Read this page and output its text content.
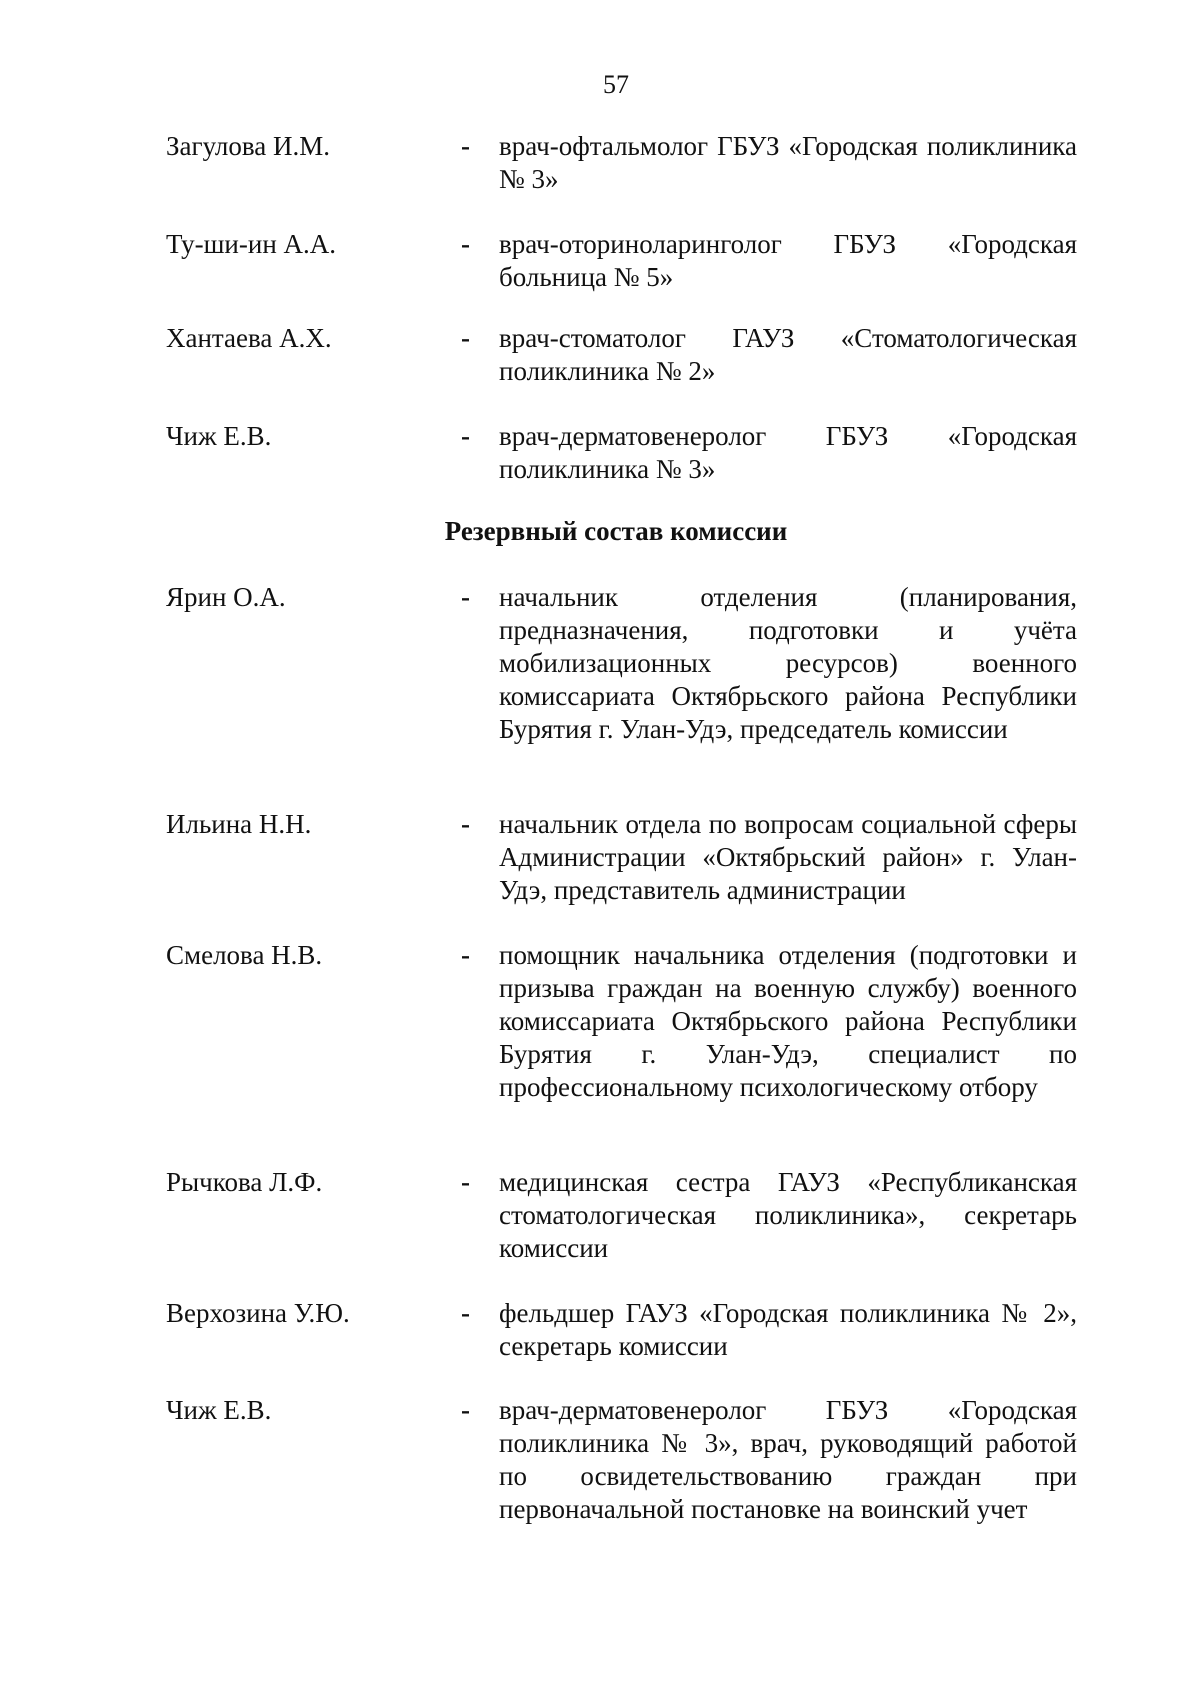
57
Загулова И.М.	- врач-офтальмолог ГБУЗ «Городская поликлиника № 3»
Ту-ши-ин А.А.	- врач-оториноларинголог ГБУЗ «Городская больница № 5»
Хантаева А.Х.	- врач-стоматолог ГАУЗ «Стоматологическая поликлиника № 2»
Чиж Е.В.	- врач-дерматовенеролог ГБУЗ «Городская поликлиника № 3»
Резервный состав комиссии
Ярин О.А.	- начальник отделения (планирования, предназначения, подготовки и учёта мобилизационных ресурсов) военного комиссариата Октябрьского района Республики Бурятия г. Улан-Удэ, председатель комиссии
Ильина Н.Н.	- начальник отдела по вопросам социальной сферы Администрации «Октябрьский район» г. Улан-Удэ, представитель администрации
Смелова Н.В.	- помощник начальника отделения (подготовки и призыва граждан на военную службу) военного комиссариата Октябрьского района Республики Бурятия г. Улан-Удэ, специалист по профессиональному психологическому отбору
Рычкова Л.Ф.	- медицинская сестра ГАУЗ «Республиканская стоматологическая поликлиника», секретарь комиссии
Верхозина У.Ю.	- фельдшер ГАУЗ «Городская поликлиника № 2», секретарь комиссии
Чиж Е.В.	- врач-дерматовенеролог ГБУЗ «Городская поликлиника № 3», врач, руководящий работой по освидетельствованию граждан при первоначальной постановке на воинский учет
